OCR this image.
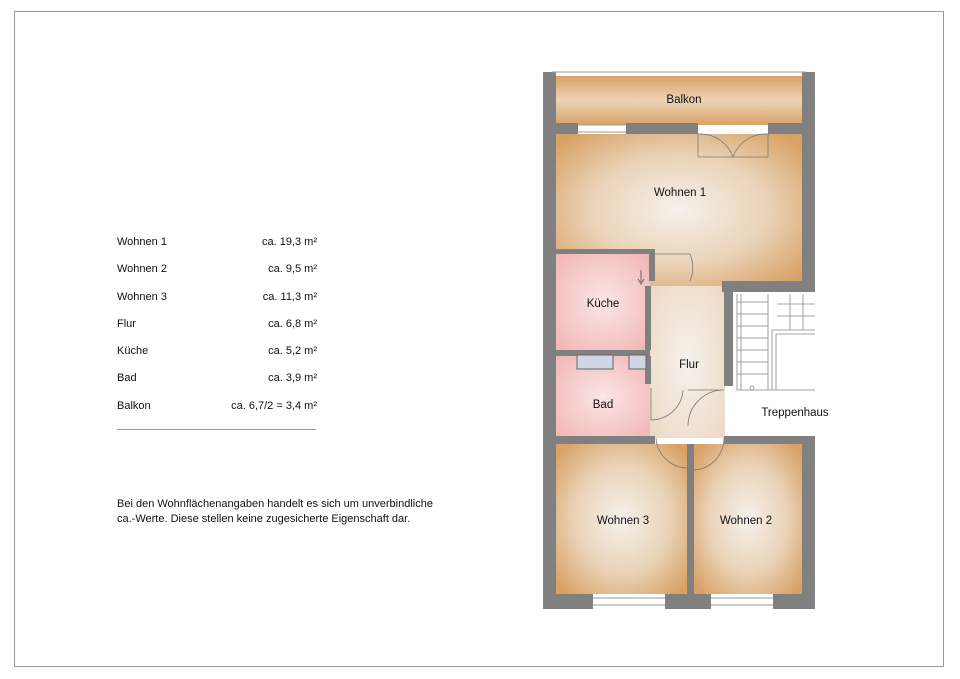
Wohnen 1	ca. 19,3 m²
Wohnen 2	ca. 9,5 m²
Wohnen 3	ca. 11,3 m²
Flur	ca. 6,8 m²
Küche	ca. 5,2 m²
Bad	ca. 3,9 m²
Balkon	ca. 6,7/2 = 3,4 m²
Bei den Wohnflächenangaben handelt es sich um unverbindliche
ca.-Werte. Diese stellen keine zugesicherte Eigenschaft dar.
Balkon
Wohnen 1
Küche
Flur
Bad
Treppenhaus
Wohnen 3	Wohnen 2
